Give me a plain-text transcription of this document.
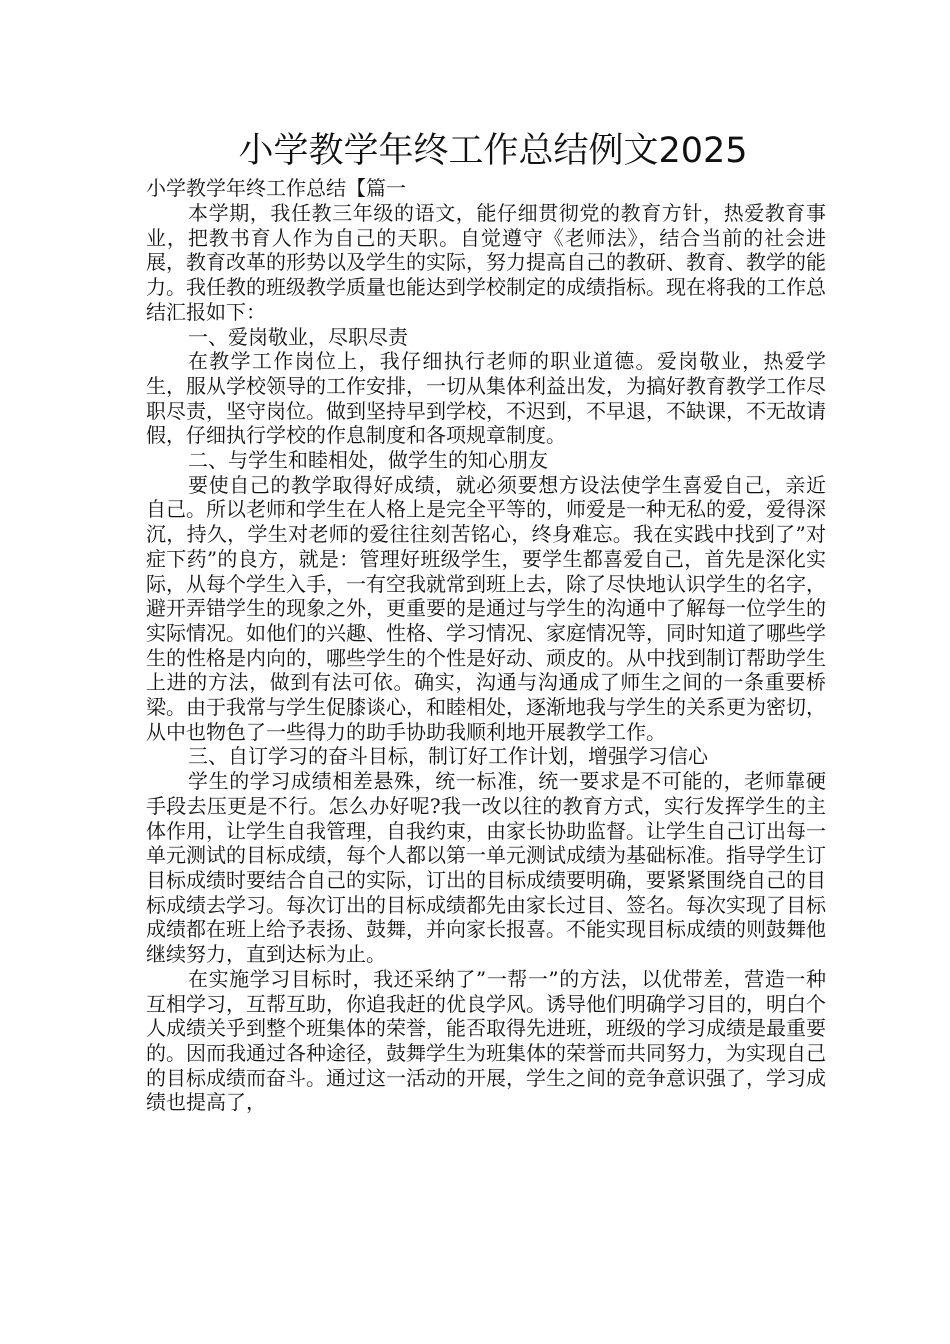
小学教学年终工作总结例文2025

小学教学年终工作总结【篇一

本学期，我任教三年级的语文，能仔细贯彻党的教育方针，热爱教育事业，把教书育人作为自己的天职。自觉遵守《老师法》，结合当前的社会进展，教育改革的形势以及学生的实际，努力提高自己的教研、教育、教学的能力。我任教的班级教学质量也能达到学校制定的成绩指标。现在将我的工作总结汇报如下：

一、爱岗敬业，尽职尽责

在教学工作岗位上，我仔细执行老师的职业道德。爱岗敬业，热爱学生，服从学校领导的工作安排，一切从集体利益出发，为搞好教育教学工作尽职尽责，坚守岗位。做到坚持早到学校，不迟到，不早退，不缺课，不无故请假，仔细执行学校的作息制度和各项规章制度。

二、与学生和睦相处，做学生的知心朋友

要使自己的教学取得好成绩，就必须要想方设法使学生喜爱自己，亲近自己。所以老师和学生在人格上是完全平等的，师爱是一种无私的爱，爱得深沉，持久，学生对老师的爱往往刻苦铭心，终身难忘。我在实践中找到了”对症下药”的良方，就是：管理好班级学生，要学生都喜爱自己，首先是深化实际，从每个学生入手，一有空我就常到班上去，除了尽快地认识学生的名字，避开弄错学生的现象之外，更重要的是通过与学生的沟通中了解每一位学生的实际情况。如他们的兴趣、性格、学习情况、家庭情况等，同时知道了哪些学生的性格是内向的，哪些学生的个性是好动、顽皮的。从中找到制订帮助学生上进的方法，做到有法可依。确实，沟通与沟通成了师生之间的一条重要桥梁。由于我常与学生促膝谈心，和睦相处，逐渐地我与学生的关系更为密切，从中也物色了一些得力的助手协助我顺利地开展教学工作。

三、自订学习的奋斗目标，制订好工作计划，增强学习信心

学生的学习成绩相差悬殊，统一标准，统一要求是不可能的，老师靠硬手段去压更是不行。怎么办好呢?我一改以往的教育方式，实行发挥学生的主体作用，让学生自我管理，自我约束，由家长协助监督。让学生自己订出每一单元测试的目标成绩，每个人都以第一单元测试成绩为基础标准。指导学生订目标成绩时要结合自己的实际，订出的目标成绩要明确，要紧紧围绕自己的目标成绩去学习。每次订出的目标成绩都先由家长过目、签名。每次实现了目标成绩都在班上给予表扬、鼓舞，并向家长报喜。不能实现目标成绩的则鼓舞他继续努力，直到达标为止。

在实施学习目标时，我还采纳了”一帮一”的方法，以优带差，营造一种互相学习，互帮互助，你追我赶的优良学风。诱导他们明确学习目的，明白个人成绩关乎到整个班集体的荣誉，能否取得先进班，班级的学习成绩是最重要的。因而我通过各种途径，鼓舞学生为班集体的荣誉而共同努力，为实现自己的目标成绩而奋斗。通过这一活动的开展，学生之间的竞争意识强了，学习成绩也提高了，
